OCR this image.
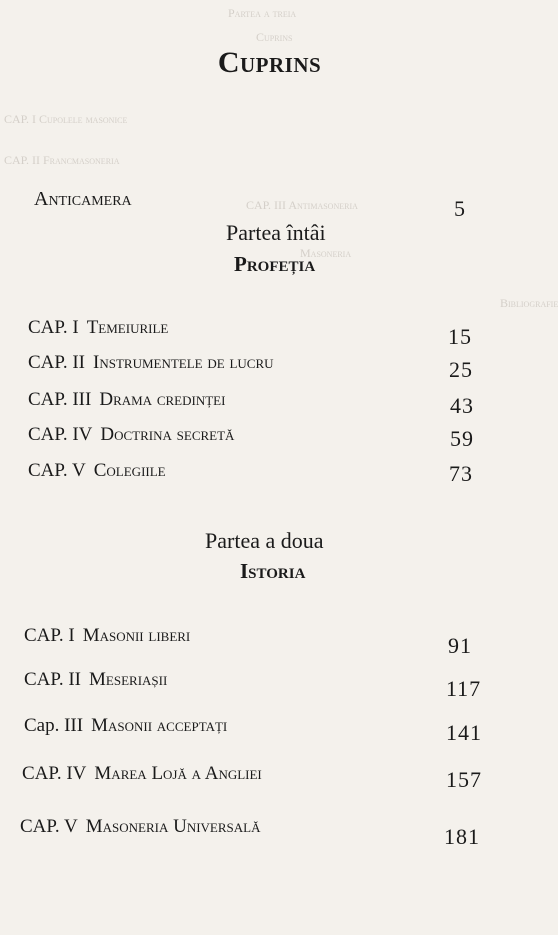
Partea a treia
Cuprins
CAP. I Cupolele masonice
CAP. II Francmasoneria
CAP. III Antimasoneria
Masoneria
Bibliografie
Cuprins
Anticamera	5
Partea întâi
Profeția
CAP. I Temeiurile	15
CAP. II Instrumentele de lucru	25
CAP. III Drama credinței	43
CAP. IV Doctrina secretă	59
CAP. V Colegiile	73
Partea a doua
Istoria
CAP. I Masonii liberi	91
CAP. II Meseriașii	117
Cap. III Masonii acceptați	141
CAP. IV Marea Lojă a Angliei	157
CAP. V Masoneria Universală	181
